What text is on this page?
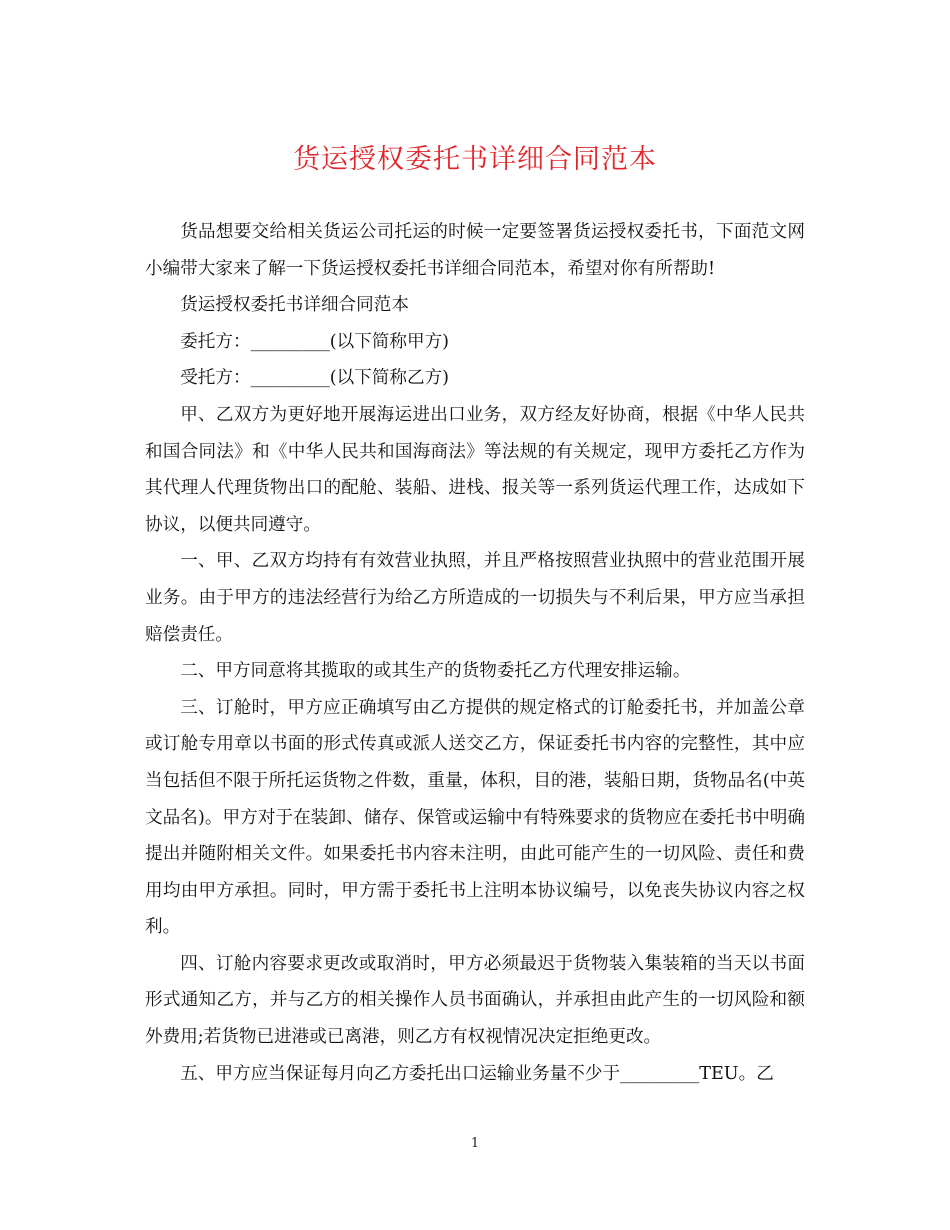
货运授权委托书详细合同范本

货品想要交给相关货运公司托运的时候一定要签署货运授权委托书，下面范文网小编带大家来了解一下货运授权委托书详细合同范本，希望对你有所帮助!

货运授权委托书详细合同范本

委托方：_________(以下简称甲方)

受托方：_________(以下简称乙方)

甲、乙双方为更好地开展海运进出口业务，双方经友好协商，根据《中华人民共和国合同法》和《中华人民共和国海商法》等法规的有关规定，现甲方委托乙方作为其代理人代理货物出口的配舱、装船、进栈、报关等一系列货运代理工作，达成如下协议，以便共同遵守。

一、甲、乙双方均持有有效营业执照，并且严格按照营业执照中的营业范围开展业务。由于甲方的违法经营行为给乙方所造成的一切损失与不利后果，甲方应当承担赔偿责任。

二、甲方同意将其揽取的或其生产的货物委托乙方代理安排运输。

三、订舱时，甲方应正确填写由乙方提供的规定格式的订舱委托书，并加盖公章或订舱专用章以书面的形式传真或派人送交乙方，保证委托书内容的完整性，其中应当包括但不限于所托运货物之件数，重量，体积，目的港，装船日期，货物品名(中英文品名)。甲方对于在装卸、储存、保管或运输中有特殊要求的货物应在委托书中明确提出并随附相关文件。如果委托书内容未注明，由此可能产生的一切风险、责任和费用均由甲方承担。同时，甲方需于委托书上注明本协议编号，以免丧失协议内容之权利。

四、订舱内容要求更改或取消时，甲方必须最迟于货物装入集装箱的当天以书面形式通知乙方，并与乙方的相关操作人员书面确认，并承担由此产生的一切风险和额外费用;若货物已进港或已离港，则乙方有权视情况决定拒绝更改。

五、甲方应当保证每月向乙方委托出口运输业务量不少于_________TEU。乙

1
